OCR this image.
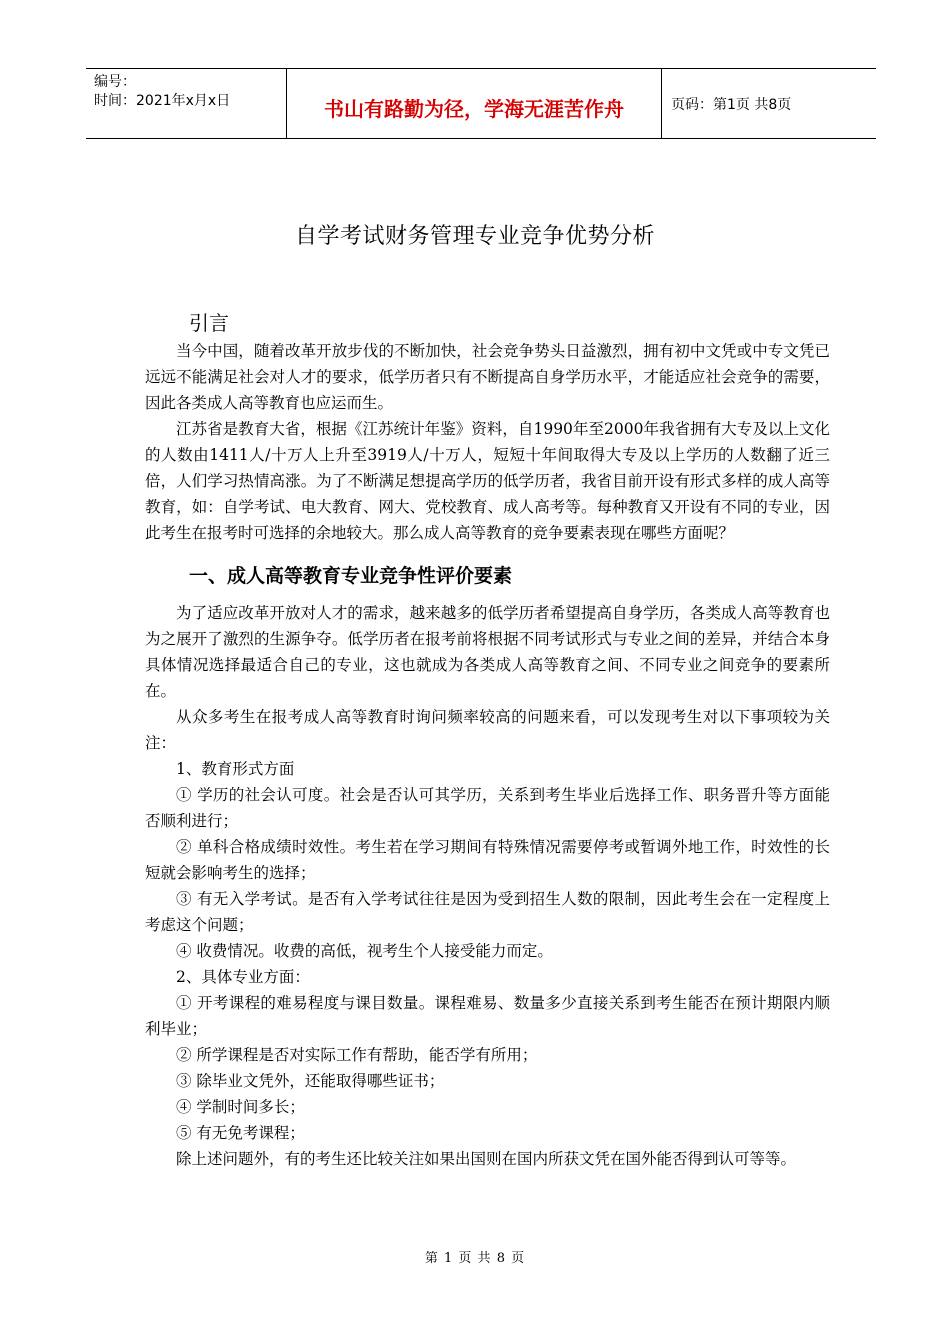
编号：
时间：2021年x月x日	书山有路勤为径，学海无涯苦作舟	页码：第1页 共8页
自学考试财务管理专业竞争优势分析
引言

当今中国，随着改革开放步伐的不断加快，社会竞争势头日益激烈，拥有初中文凭或中专文凭已远远不能满足社会对人才的要求，低学历者只有不断提高自身学历水平，才能适应社会竞争的需要，因此各类成人高等教育也应运而生。

江苏省是教育大省，根据《江苏统计年鉴》资料，自1990年至2000年我省拥有大专及以上文化的人数由1411人/十万人上升至3919人/十万人，短短十年间取得大专及以上学历的人数翻了近三倍，人们学习热情高涨。为了不断满足想提高学历的低学历者，我省目前开设有形式多样的成人高等教育，如：自学考试、电大教育、网大、党校教育、成人高考等。每种教育又开设有不同的专业，因此考生在报考时可选择的余地较大。那么成人高等教育的竞争要素表现在哪些方面呢？

一、成人高等教育专业竞争性评价要素

为了适应改革开放对人才的需求，越来越多的低学历者希望提高自身学历，各类成人高等教育也为之展开了激烈的生源争夺。低学历者在报考前将根据不同考试形式与专业之间的差异，并结合本身具体情况选择最适合自己的专业，这也就成为各类成人高等教育之间、不同专业之间竞争的要素所在。

从众多考生在报考成人高等教育时询问频率较高的问题来看，可以发现考生对以下事项较为关注：

1、教育形式方面

① 学历的社会认可度。社会是否认可其学历，关系到考生毕业后选择工作、职务晋升等方面能否顺利进行；

② 单科合格成绩时效性。考生若在学习期间有特殊情况需要停考或暂调外地工作，时效性的长短就会影响考生的选择；

③ 有无入学考试。是否有入学考试往往是因为受到招生人数的限制，因此考生会在一定程度上考虑这个问题；

④ 收费情况。收费的高低，视考生个人接受能力而定。

2、具体专业方面：

① 开考课程的难易程度与课目数量。课程难易、数量多少直接关系到考生能否在预计期限内顺利毕业；

② 所学课程是否对实际工作有帮助，能否学有所用；

③ 除毕业文凭外，还能取得哪些证书；

④ 学制时间多长；

⑤ 有无免考课程；

除上述问题外，有的考生还比较关注如果出国则在国内所获文凭在国外能否得到认可等等。

第 1 页 共 8 页
